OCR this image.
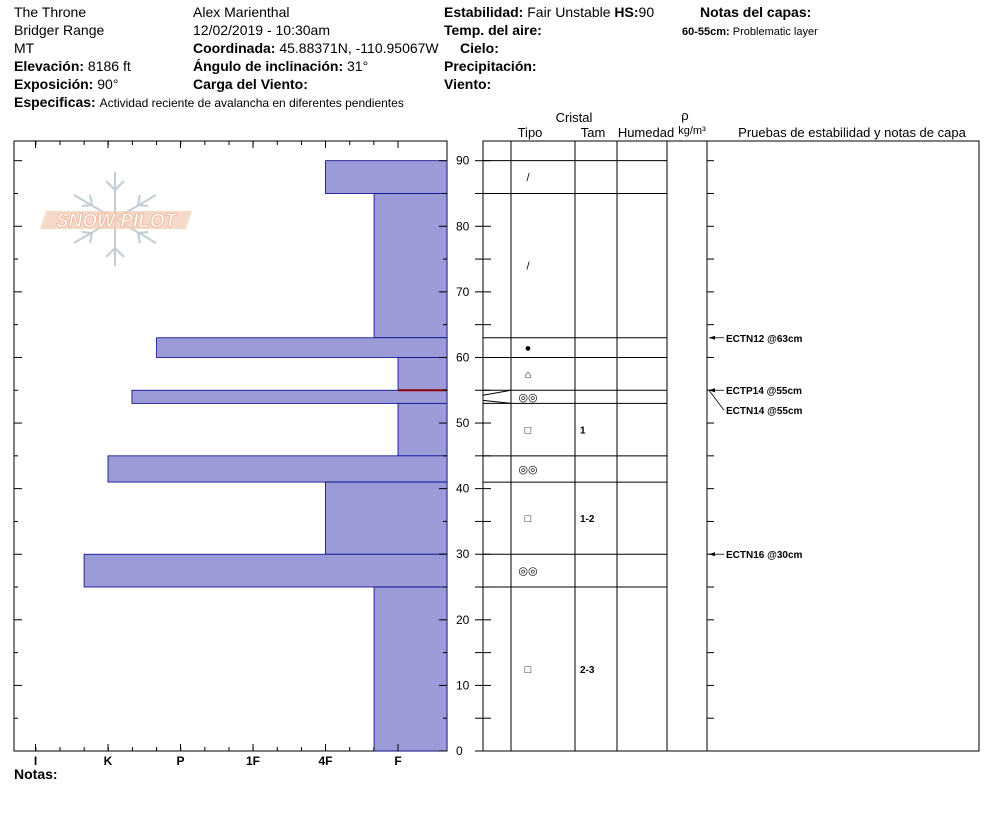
The Throne
Bridger Range
MT
Elevación: 8186 ft
Exposición: 90°
Especificas: Actividad reciente de avalancha en diferentes pendientes
Alex Marienthal
12/02/2019 - 10:30am
Coordinada: 45.88371N, -110.95067W
Ángulo de inclinación: 31°
Carga del Viento:
Estabilidad: Fair Unstable HS:90
Temp. del aire:
Cielo:
Precipitación:
Viento:
Notas del capas:
60-55cm: Problematic layer
Notas:
SNOW PILOT
I	K	P	1F	4F	F
0
10
20
30
40
50
60
70
80
90
Cristal
Tipo	Tam Humedad
ρ
kg/m³ Pruebas de estabilidad y notas de capa
/
/
●
⌂
◎◎
□	1
◎◎
□	1-2
◎◎
□	2-3
ECTN12 @63cm
ECTP14 @55cm
ECTN14 @55cm
ECTN16 @30cm
